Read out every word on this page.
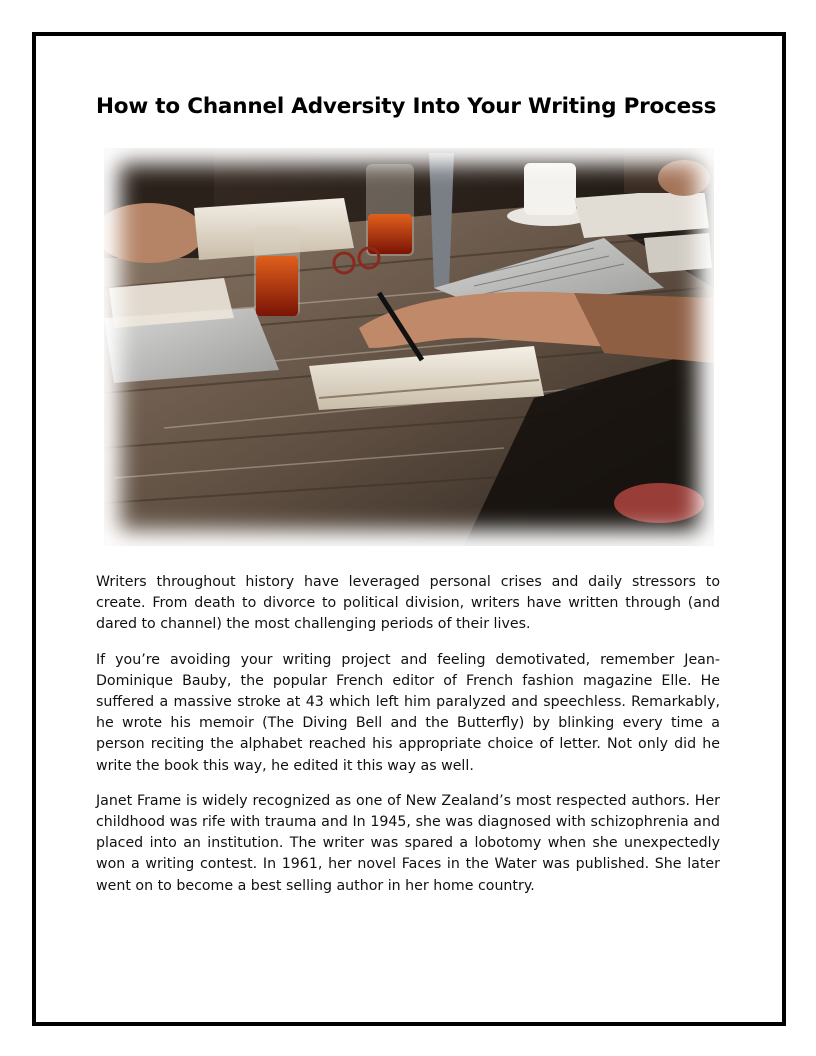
How to Channel Adversity Into Your Writing Process

Writers throughout history have leveraged personal crises and daily stressors to create. From death to divorce to political division, writers have written through (and dared to channel) the most challenging periods of their lives.

If you’re avoiding your writing project and feeling demotivated, remember Jean-Dominique Bauby, the popular French editor of French fashion magazine Elle. He suffered a massive stroke at 43 which left him paralyzed and speechless. Remarkably, he wrote his memoir (The Diving Bell and the Butterfly) by blinking every time a person reciting the alphabet reached his appropriate choice of letter. Not only did he write the book this way, he edited it this way as well.

Janet Frame is widely recognized as one of New Zealand’s most respected authors. Her childhood was rife with trauma and In 1945, she was diagnosed with schizophrenia and placed into an institution. The writer was spared a lobotomy when she unexpectedly won a writing contest. In 1961, her novel Faces in the Water was published. She later went on to become a best selling author in her home country.
